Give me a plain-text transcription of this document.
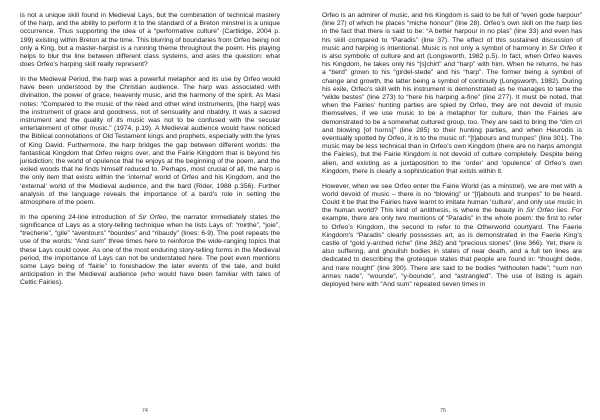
is not a unique skill found in Medieval Lays, but the combination of technical mastery of the harp, and the ability to perform it to the standard of a Breton minstrel is a unique occurrence. Thus supporting the idea of a “performative culture” (Cartlidge, 2004 p. 199) existing within Breton at the time. This blurring of boundaries from Orfeo being not only a King, but a master-harpist is a running theme throughout the poem. His playing helps to blur the line between different class systems, and asks the question: what does Orfeo’s harping skill really represent?

In the Medieval Period, the harp was a powerful metaphor and its use by Orfeo would have been understood by the Christian audience. The harp was associated with divination, the power of grace, heavenly music, and the harmony of the spirit. As Masi notes: “Compared to the music of the reed and other wind instruments, [the harp] was the instrument of grace and goodness, not of sensuality and ribaldry. It was a sacred instrument and the quality of its music was not to be confused with the secular entertainment of other music.” (1974, p.19). A Medieval audience would have noticed the Biblical connotations of Old Testament kings and prophets, especially with the lyres of King David. Furthermore, the harp bridges the gap between different worlds: the fantastical Kingdom that Orfeo reigns over, and the Fairie Kingdom that is beyond his jurisdiction; the world of opulence that he enjoys at the beginning of the poem, and the exiled woods that he finds himself reduced to. Perhaps, most crucial of all, the harp is the only item that exists within the ‘internal’ world of Orfeo and his Kingdom, and the ‘external’ world of the Medieval audience, and the bard (Rider, 1988 p.356). Further analysis of the language reveals the importance of a bard’s role in setting the atmosphere of the poem.

In the opening 24-line introduction of Sir Orfeo, the narrator immediately states the significance of Lays as a story-telling technique when he lists Lays of: “mirthe”, “joie”, “trecherie”, “gile” “aventours” “bourdes” and “ribaudy” (lines: 6-9). The poet repeats the use of the words: “And sum” three times here to reinforce the wide-ranging topics that these Lays could cover. As one of the most enduring story-telling forms in the Medieval period, the importance of Lays can not be understated here. The poet even mentions some Lays being of “fairie” to foreshadow the later events of the tale, and build anticipation in the Medieval audience (who would have been familiar with tales of Celtic Fairies).

74

Orfeo is an admirer of music, and his Kingdom is said to be full of “everi gode harpour” (line 27) of which he places “miche honour” (line 28). Orfeo’s own skill on the harp lies in the fact that there is said to be: “A better harpour in no plas” (line 33) and even has his skill compared to “Paradis” (line 37). The effect of this sustained discussion of music and harping is intentional. Music is not only a symbol of harmony in Sir Orfeo it is also symbolic of culture and art (Longsworth, 1982 p.5). In fact, when Orfeo leaves his Kingdom, he takes only his “[s]chirt” and “harp” with him. When he returns, he has a “berd” grown to his “girdel-stede” and his “harp”. The former being a symbol of change and growth, the latter being a symbol of continuity (Longsworth, 1982). During his exile, Orfeo’s skill with his instrument is demonstrated as he manages to tame the “wilde bestes” (line 273) to “here his harping a-fine” (line 277). It must be noted, that when the Fairies’ hunting parties are spied by Orfeo, they are not devoid of music themselves, if we use music to be a metaphor for culture, then the Fairies are demonstrated to be a somewhat cultured group, too. They are said to bring the “dim cri and blowing [of horns]” (line 285) to their hunting parties, and when Heurodis is eventually spotted by Orfeo, it is to the music of: “[t]abours and trunpes” (line 301). The music may be less technical than in Orfeo’s own Kingdom (there are no harps amongst the Fairies), but the Fairie Kingdom is not devoid of culture completely. Despite being alien, and existing as a juxtaposition to the ‘order’ and ‘opulence’ of Orfeo’s own Kingdom, there is clearly a sophistication that exists within it.

However, when we see Orfeo enter the Fairie World (as a minstrel), we are met with a world devoid of music – there is no “blowing” or “[t]abouts and trunpes” to be heard. Could it be that the Fairies have learnt to imitate human ‘culture’, and only use music in the human world? This kind of antithesis, is where the beauty in Sir Orfeo lies. For example, there are only two mentions of “Paradis” in the whole poem: the first to refer to Orfeo’s Kingdom, the second to refer to the Otherworld courtyard. The Faerie Kingdom’s “Paradis” clearly possesses art, as is demonstrated in the Faerie King’s castle of “gold y-arched riche” (line 362) and “precious stones” (line 366). Yet, there is also suffering, and ghoulish bodies in states of near death, and a full ten lines are dedicated to describing the grotesque states that people are found in: “thought dede, and nare nought” (line 390). There are said to be bodies “withouten hade”; “sum non armes nade”, “wounde”, “y-bounde”, and “astrangled”. The use of listing is again deployed here with “And sum” repeated seven times in

75
